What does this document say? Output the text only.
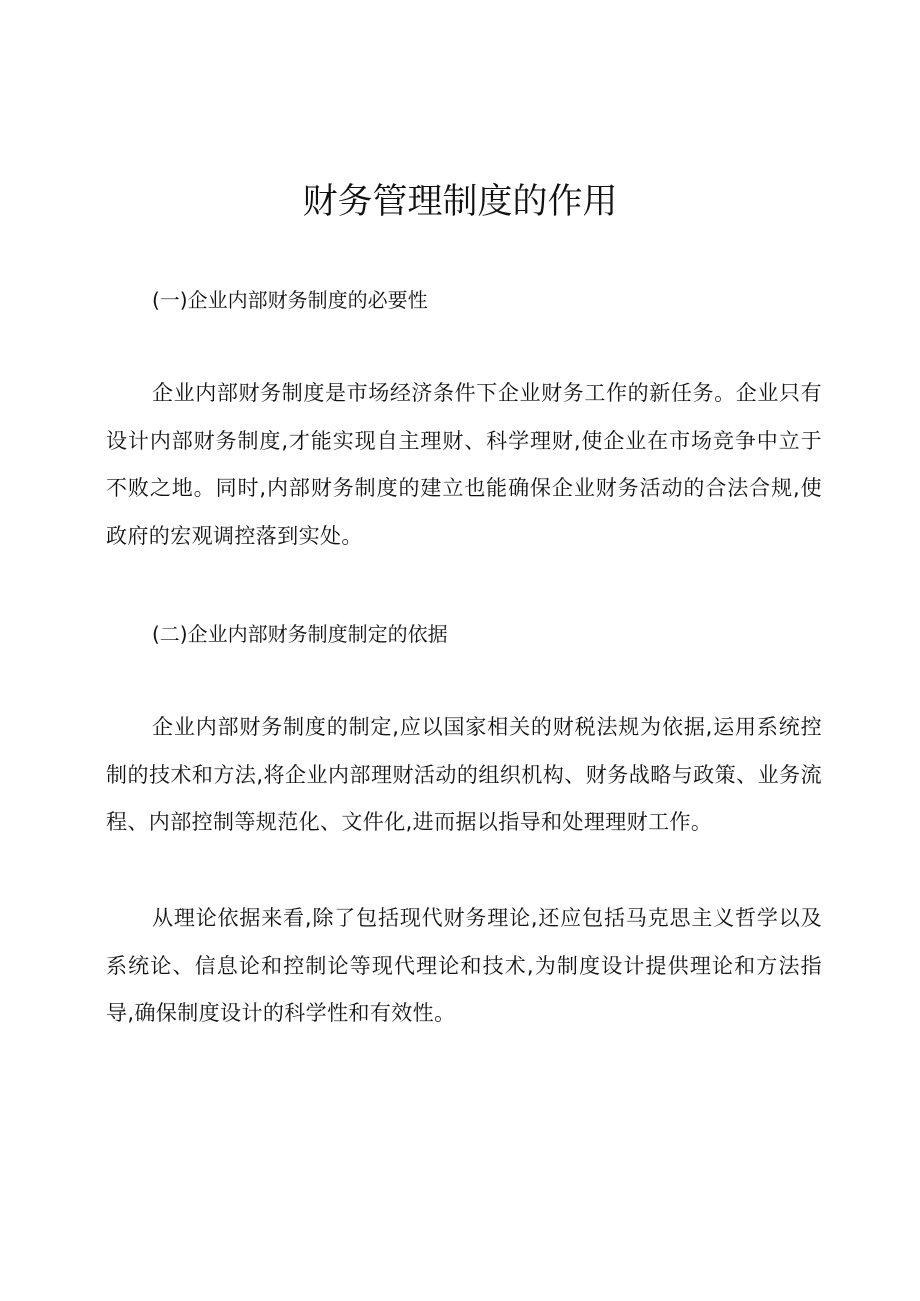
财务管理制度的作用

(一)企业内部财务制度的必要性

企业内部财务制度是市场经济条件下企业财务工作的新任务。企业只有设计内部财务制度,才能实现自主理财、科学理财,使企业在市场竞争中立于不败之地。同时,内部财务制度的建立也能确保企业财务活动的合法合规,使政府的宏观调控落到实处。

(二)企业内部财务制度制定的依据

企业内部财务制度的制定,应以国家相关的财税法规为依据,运用系统控制的技术和方法,将企业内部理财活动的组织机构、财务战略与政策、业务流程、内部控制等规范化、文件化,进而据以指导和处理理财工作。

从理论依据来看,除了包括现代财务理论,还应包括马克思主义哲学以及系统论、信息论和控制论等现代理论和技术,为制度设计提供理论和方法指导,确保制度设计的科学性和有效性。
